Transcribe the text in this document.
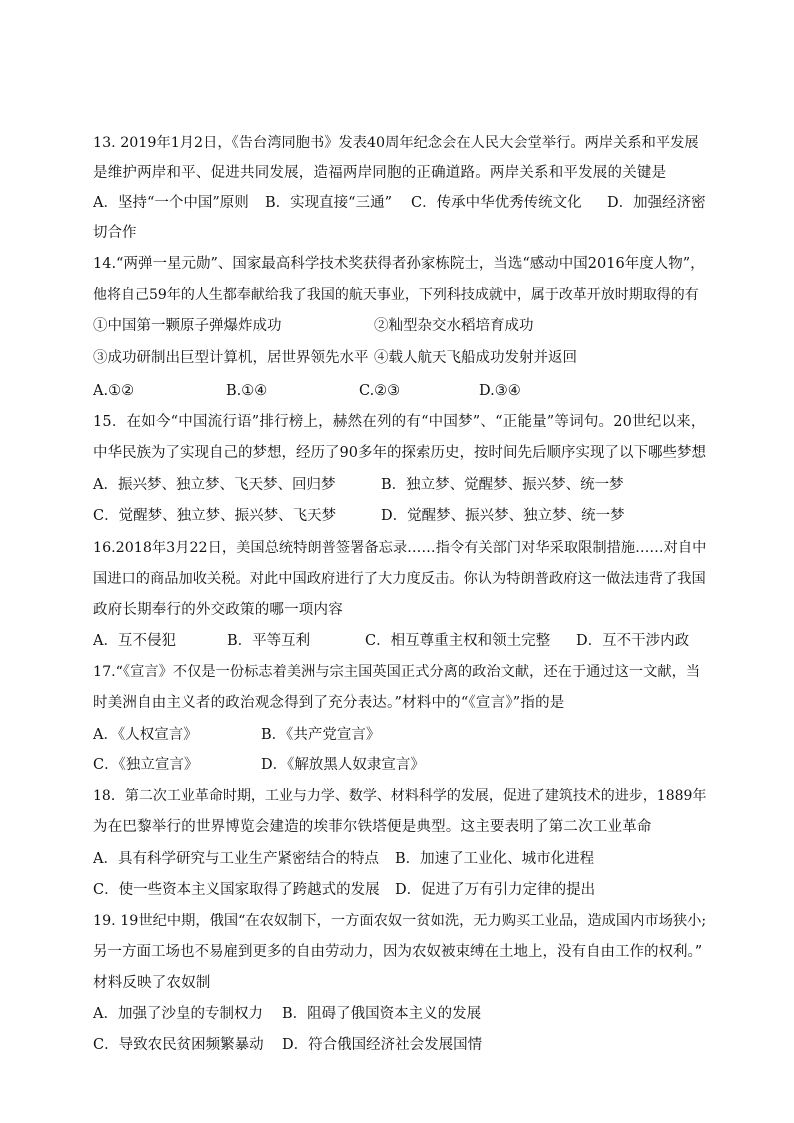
13. 2019年1月2日，《告台湾同胞书》发表40周年纪念会在人民大会堂举行。两岸关系和平发展
是维护两岸和平、促进共同发展，造福两岸同胞的正确道路。两岸关系和平发展的关键是
A．坚持“一个中国”原则 B．实现直接“三通” C．传承中华优秀传统文化 D．加强经济密
切合作
14.“两弹一星元勋”、国家最高科学技术奖获得者孙家栋院士，当选“感动中国2016年度人物”，
他将自己59年的人生都奉献给我了我国的航天事业，下列科技成就中，属于改革开放时期取得的有
①中国第一颗原子弹爆炸成功	②籼型杂交水稻培育成功
③成功研制出巨型计算机，居世界领先水平 ④载人航天飞船成功发射并返回
A.①②	B.①④	C.②③	D.③④
15．在如今“中国流行语”排行榜上，赫然在列的有“中国梦”、“正能量”等词句。20世纪以来，
中华民族为了实现自己的梦想，经历了90多年的探索历史，按时间先后顺序实现了以下哪些梦想
A．振兴梦、独立梦、飞天梦、回归梦	B．独立梦、觉醒梦、振兴梦、统一梦
C．觉醒梦、独立梦、振兴梦、飞天梦	D．觉醒梦、振兴梦、独立梦、统一梦
16.2018年3月22日，美国总统特朗普签署备忘录……指令有关部门对华采取限制措施……对自中
国进口的商品加收关税。对此中国政府进行了大力度反击。你认为特朗普政府这一做法违背了我国
政府长期奉行的外交政策的哪一项内容
A．互不侵犯	B．平等互利	C．相互尊重主权和领土完整 D．互不干涉内政
17.“《宣言》不仅是一份标志着美洲与宗主国英国正式分离的政治文献，还在于通过这一文献，当
时美洲自由主义者的政治观念得到了充分表达。”材料中的“《宣言》”指的是
A．《人权宣言》	B．《共产党宣言》
C．《独立宣言》	D．《解放黑人奴隶宣言》
18．第二次工业革命时期，工业与力学、数学、材料科学的发展，促进了建筑技术的进步，1889年
为在巴黎举行的世界博览会建造的埃菲尔铁塔便是典型。这主要表明了第二次工业革命
A．具有科学研究与工业生产紧密结合的特点 B．加速了工业化、城市化进程
C．使一些资本主义国家取得了跨越式的发展 D．促进了万有引力定律的提出
19. 19世纪中期，俄国“在农奴制下，一方面农奴一贫如洗，无力购买工业品，造成国内市场狭小;
另一方面工场也不易雇到更多的自由劳动力，因为农奴被束缚在土地上，没有自由工作的权利。”
材料反映了农奴制
A．加强了沙皇的专制权力 B．阻碍了俄国资本主义的发展
C．导致农民贫困频繁暴动 D．符合俄国经济社会发展国情
